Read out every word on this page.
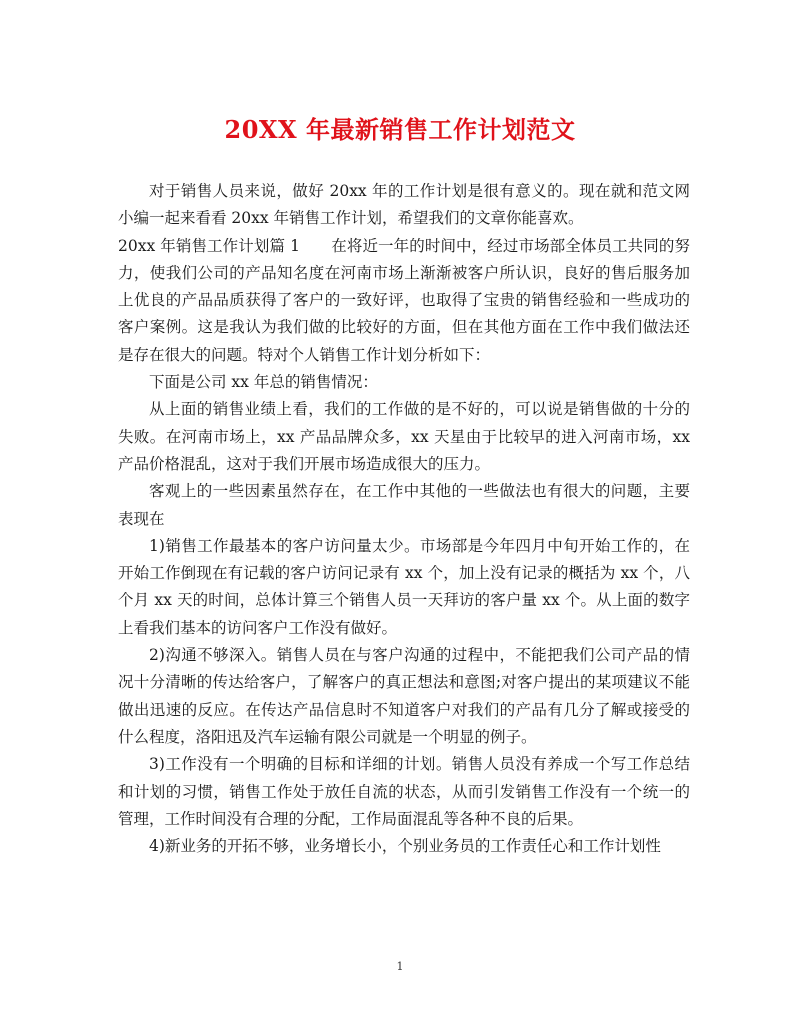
20XX 年最新销售工作计划范文

对于销售人员来说，做好 20xx 年的工作计划是很有意义的。现在就和范文网小编一起来看看 20xx 年销售工作计划，希望我们的文章你能喜欢。

20xx 年销售工作计划篇 1　　在将近一年的时间中，经过市场部全体员工共同的努力，使我们公司的产品知名度在河南市场上渐渐被客户所认识，良好的售后服务加上优良的产品品质获得了客户的一致好评，也取得了宝贵的销售经验和一些成功的客户案例。这是我认为我们做的比较好的方面，但在其他方面在工作中我们做法还是存在很大的问题。特对个人销售工作计划分析如下：

下面是公司 xx 年总的销售情况：

从上面的销售业绩上看，我们的工作做的是不好的，可以说是销售做的十分的失败。在河南市场上，xx 产品品牌众多，xx 天星由于比较早的进入河南市场，xx 产品价格混乱，这对于我们开展市场造成很大的压力。

客观上的一些因素虽然存在，在工作中其他的一些做法也有很大的问题，主要表现在

1)销售工作最基本的客户访问量太少。市场部是今年四月中旬开始工作的，在开始工作倒现在有记载的客户访问记录有 xx 个，加上没有记录的概括为 xx 个，八个月 xx 天的时间，总体计算三个销售人员一天拜访的客户量 xx 个。从上面的数字上看我们基本的访问客户工作没有做好。

2)沟通不够深入。销售人员在与客户沟通的过程中，不能把我们公司产品的情况十分清晰的传达给客户，了解客户的真正想法和意图;对客户提出的某项建议不能做出迅速的反应。在传达产品信息时不知道客户对我们的产品有几分了解或接受的什么程度，洛阳迅及汽车运输有限公司就是一个明显的例子。

3)工作没有一个明确的目标和详细的计划。销售人员没有养成一个写工作总结和计划的习惯，销售工作处于放任自流的状态，从而引发销售工作没有一个统一的管理，工作时间没有合理的分配，工作局面混乱等各种不良的后果。

4)新业务的开拓不够，业务增长小，个别业务员的工作责任心和工作计划性

1
